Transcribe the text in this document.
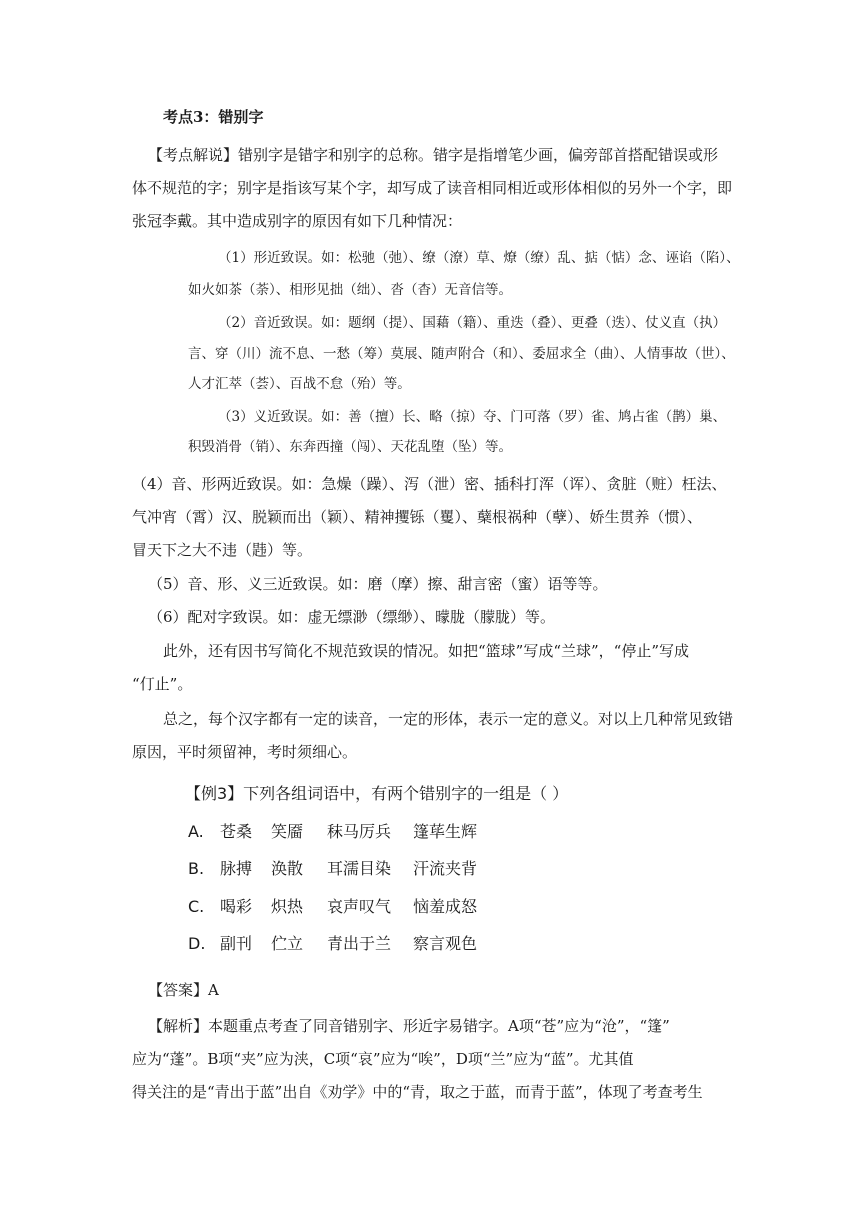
考点3：错别字
【考点解说】错别字是错字和别字的总称。错字是指增笔少画，偏旁部首搭配错误或形
体不规范的字；别字是指该写某个字，却写成了读音相同相近或形体相似的另外一个字，即
张冠李戴。其中造成别字的原因有如下几种情况：
（1）形近致误。如：松驰（弛）、缭（潦）草、燎（缭）乱、掂（惦）念、诬谄（陷）、
如火如茶（荼）、相形见拙（绌）、沓（杳）无音信等。
（2）音近致误。如：题纲（提）、国藉（籍）、重迭（叠）、更叠（迭）、仗义直（执）
言、穿（川）流不息、一愁（筹）莫展、随声附合（和）、委屈求全（曲）、人情事故（世）、
人才汇萃（荟）、百战不怠（殆）等。
（3）义近致误。如：善（擅）长、略（掠）夺、门可落（罗）雀、鸠占雀（鹊）巢、
积毁消骨（销）、东奔西撞（闯）、天花乱堕（坠）等。
（4）音、形两近致误。如：急燥（躁）、泻（泄）密、插科打浑（诨）、贪脏（赃）枉法、
气冲宵（霄）汉、脱颖而出（颖）、精神攫铄（矍）、蘖根祸种（孽）、娇生贯养（惯）、
冒天下之大不违（韪）等。
（5）音、形、义三近致误。如：磨（摩）擦、甜言密（蜜）语等等。
（6）配对字致误。如：虚无缥渺（缥缈）、曚胧（朦胧）等。
此外，还有因书写简化不规范致误的情况。如把“篮球”写成“兰球”，“停止”写成
“仃止”。
总之，每个汉字都有一定的读音，一定的形体，表示一定的意义。对以上几种常见致错
原因，平时须留神，考时须细心。
【例3】下列各组词语中，有两个错别字的一组是（ ）
A. 苍桑 笑靥 秣马厉兵 篷荜生辉
B. 脉搏 涣散 耳濡目染 汗流夹背
C. 喝彩 炽热 哀声叹气 恼羞成怒
D. 副刊 伫立 青出于兰 察言观色
【答案】A
【解析】本题重点考查了同音错别字、形近字易错字。A项“苍”应为“沧”，“篷”
应为“蓬”。B项“夹”应为浃，C项“哀”应为“唉”，D项“兰”应为“蓝”。尤其值
得关注的是“青出于蓝”出自《劝学》中的“青，取之于蓝，而青于蓝”，体现了考查考生
